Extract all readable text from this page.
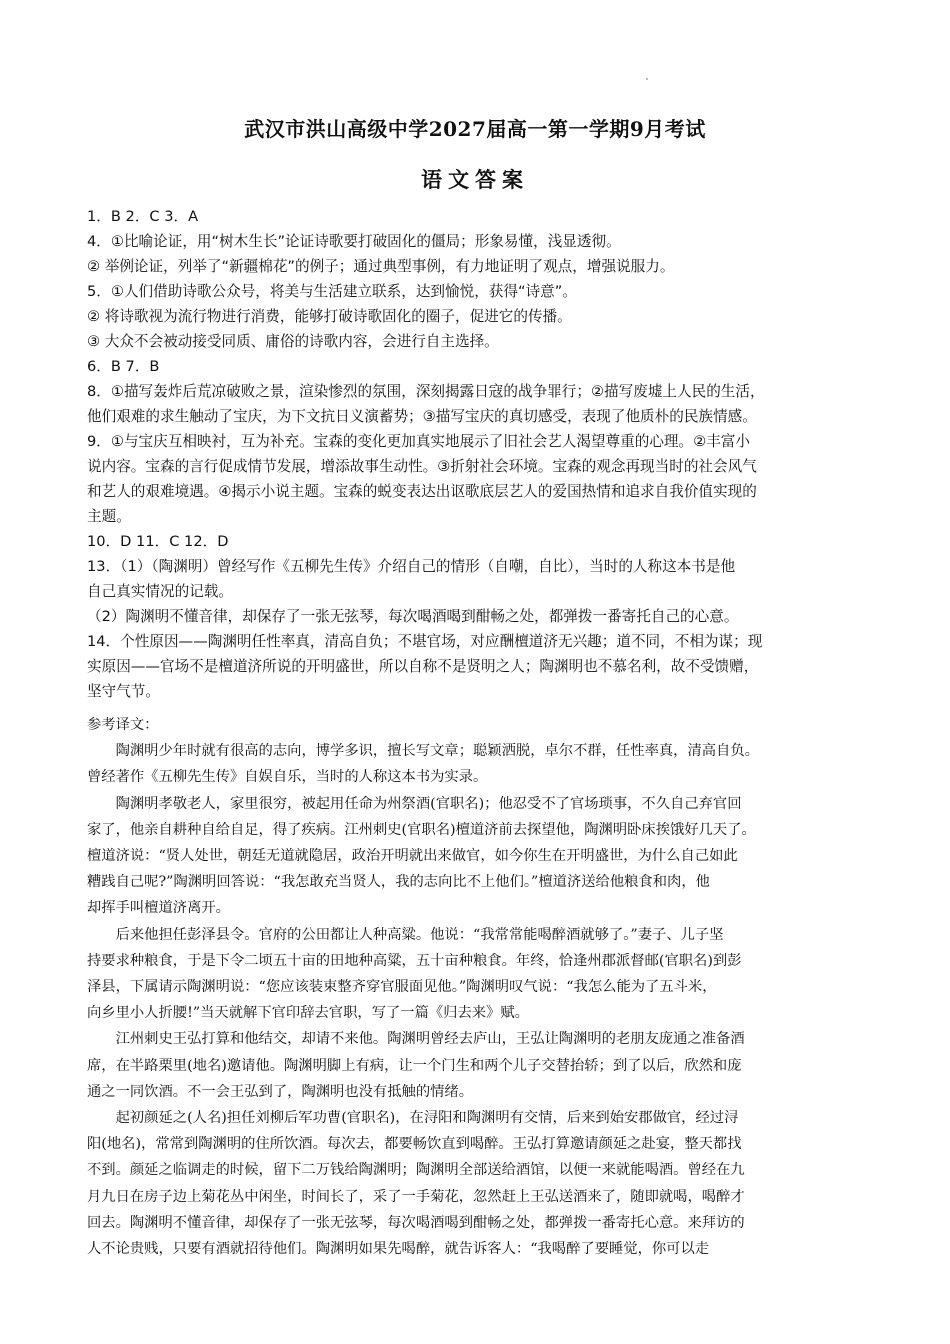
武汉市洪山高级中学2027届高一第一学期9月考试
语文答案

1．B 2．C 3．A

4．①比喻论证，用“树木生长”论证诗歌要打破固化的僵局；形象易懂，浅显透彻。

② 举例论证，列举了“新疆棉花”的例子；通过典型事例，有力地证明了观点，增强说服力。

5．①人们借助诗歌公众号，将美与生活建立联系，达到愉悦，获得“诗意”。

② 将诗歌视为流行物进行消费，能够打破诗歌固化的圈子，促进它的传播。

③ 大众不会被动接受同质、庸俗的诗歌内容，会进行自主选择。

6．B 7．B

8．①描写轰炸后荒凉破败之景，渲染惨烈的氛围，深刻揭露日寇的战争罪行；②描写废墟上人民的生活，

他们艰难的求生触动了宝庆，为下文抗日义演蓄势；③描写宝庆的真切感受，表现了他质朴的民族情感。

9．①与宝庆互相映衬，互为补充。宝森的变化更加真实地展示了旧社会艺人渴望尊重的心理。②丰富小

说内容。宝森的言行促成情节发展，增添故事生动性。③折射社会环境。宝森的观念再现当时的社会风气

和艺人的艰难境遇。④揭示小说主题。宝森的蜕变表达出讴歌底层艺人的爱国热情和追求自我价值实现的

主题。

10．D 11．C 12．D

13．（1）（陶渊明）曾经写作《五柳先生传》介绍自己的情形（自嘲，自比），当时的人称这本书是他

自己真实情况的记载。

（2）陶渊明不懂音律，却保存了一张无弦琴，每次喝酒喝到酣畅之处，都弹拨一番寄托自己的心意。

14．个性原因——陶渊明任性率真，清高自负；不堪官场，对应酬檀道济无兴趣；道不同，不相为谋；现

实原因——官场不是檀道济所说的开明盛世，所以自称不是贤明之人；陶渊明也不慕名利，故不受馈赠，

坚守气节。

参考译文：

陶渊明少年时就有很高的志向，博学多识，擅长写文章；聪颖洒脱，卓尔不群，任性率真，清高自负。

曾经著作《五柳先生传》自娱自乐，当时的人称这本书为实录。

陶渊明孝敬老人，家里很穷，被起用任命为州祭酒(官职名)；他忍受不了官场琐事，不久自己弃官回

家了，他亲自耕种自给自足，得了疾病。江州刺史(官职名)檀道济前去探望他，陶渊明卧床挨饿好几天了。

檀道济说：“贤人处世，朝廷无道就隐居，政治开明就出来做官，如今你生在开明盛世，为什么自己如此

糟践自己呢?”陶渊明回答说：“我怎敢充当贤人，我的志向比不上他们。”檀道济送给他粮食和肉，他

却挥手叫檀道济离开。

后来他担任彭泽县令。官府的公田都让人种高粱。他说：“我常常能喝醉酒就够了。”妻子、儿子坚

持要求种粮食，于是下令二顷五十亩的田地种高粱，五十亩种粮食。年终，恰逢州郡派督邮(官职名)到彭

泽县，下属请示陶渊明说：“您应该装束整齐穿官服面见他。”陶渊明叹气说：“我怎么能为了五斗米，

向乡里小人折腰!”当天就解下官印辞去官职，写了一篇《归去来》赋。

江州刺史王弘打算和他结交，却请不来他。陶渊明曾经去庐山，王弘让陶渊明的老朋友庞通之准备酒

席，在半路栗里(地名)邀请他。陶渊明脚上有病，让一个门生和两个儿子交替抬轿；到了以后，欣然和庞

通之一同饮酒。不一会王弘到了，陶渊明也没有抵触的情绪。

起初颜延之(人名)担任刘柳后军功曹(官职名)，在浔阳和陶渊明有交情，后来到始安郡做官，经过浔

阳(地名)，常常到陶渊明的住所饮酒。每次去，都要畅饮直到喝醉。王弘打算邀请颜延之赴宴，整天都找

不到。颜延之临调走的时候，留下二万钱给陶渊明；陶渊明全部送给酒馆，以便一来就能喝酒。曾经在九

月九日在房子边上菊花丛中闲坐，时间长了，采了一手菊花，忽然赶上王弘送酒来了，随即就喝，喝醉才

回去。陶渊明不懂音律，却保存了一张无弦琴，每次喝酒喝到酣畅之处，都弹拨一番寄托心意。来拜访的

人不论贵贱，只要有酒就招待他们。陶渊明如果先喝醉，就告诉客人：“我喝醉了要睡觉，你可以走
